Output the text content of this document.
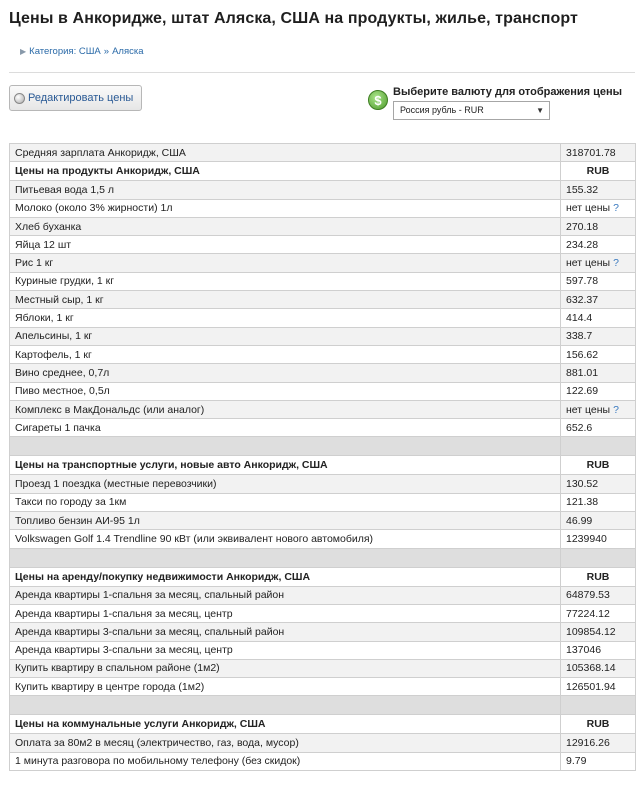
Цены в Анкоридже, штат Аляска, США на продукты, жилье, транспорт
▶ Категория: США » Аляска
Редактировать цены	$
Выберите валюту для отображения цены
Россия рубль - RUR	▼
Средняя зарплата Анкоридж, США	318701.78
Цены на продукты Анкоридж, США	RUB
Питьевая вода 1,5 л	155.32
Молоко (около 3% жирности) 1л	нет цены ?
Хлеб буханка	270.18
Яйца 12 шт	234.28
Рис 1 кг	нет цены ?
Куриные грудки, 1 кг	597.78
Местный сыр, 1 кг	632.37
Яблоки, 1 кг	414.4
Апельсины, 1 кг	338.7
Картофель, 1 кг	156.62
Вино среднее, 0,7л	881.01
Пиво местное, 0,5л	122.69
Комплекс в МакДональдс (или аналог)	нет цены ?
Сигареты 1 пачка	652.6

Цены на транспортные услуги, новые авто Анкоридж, США	RUB
Проезд 1 поездка (местные перевозчики)	130.52
Такси по городу за 1км	121.38
Топливо бензин АИ-95 1л	46.99
Volkswagen Golf 1.4 Trendline 90 кВт (или эквивалент нового автомобиля)	1239940

Цены на аренду/покупку недвижимости Анкоридж, США	RUB
Аренда квартиры 1-спальня за месяц, спальный район	64879.53
Аренда квартиры 1-спальня за месяц, центр	77224.12
Аренда квартиры 3-спальни за месяц, спальный район	109854.12
Аренда квартиры 3-спальни за месяц, центр	137046
Купить квартиру в спальном районе (1м2)	105368.14
Купить квартиру в центре города (1м2)	126501.94

Цены на коммунальные услуги Анкоридж, США	RUB
Оплата за 80м2 в месяц (электричество, газ, вода, мусор)	12916.26
1 минута разговора по мобильному телефону (без скидок)	9.79
